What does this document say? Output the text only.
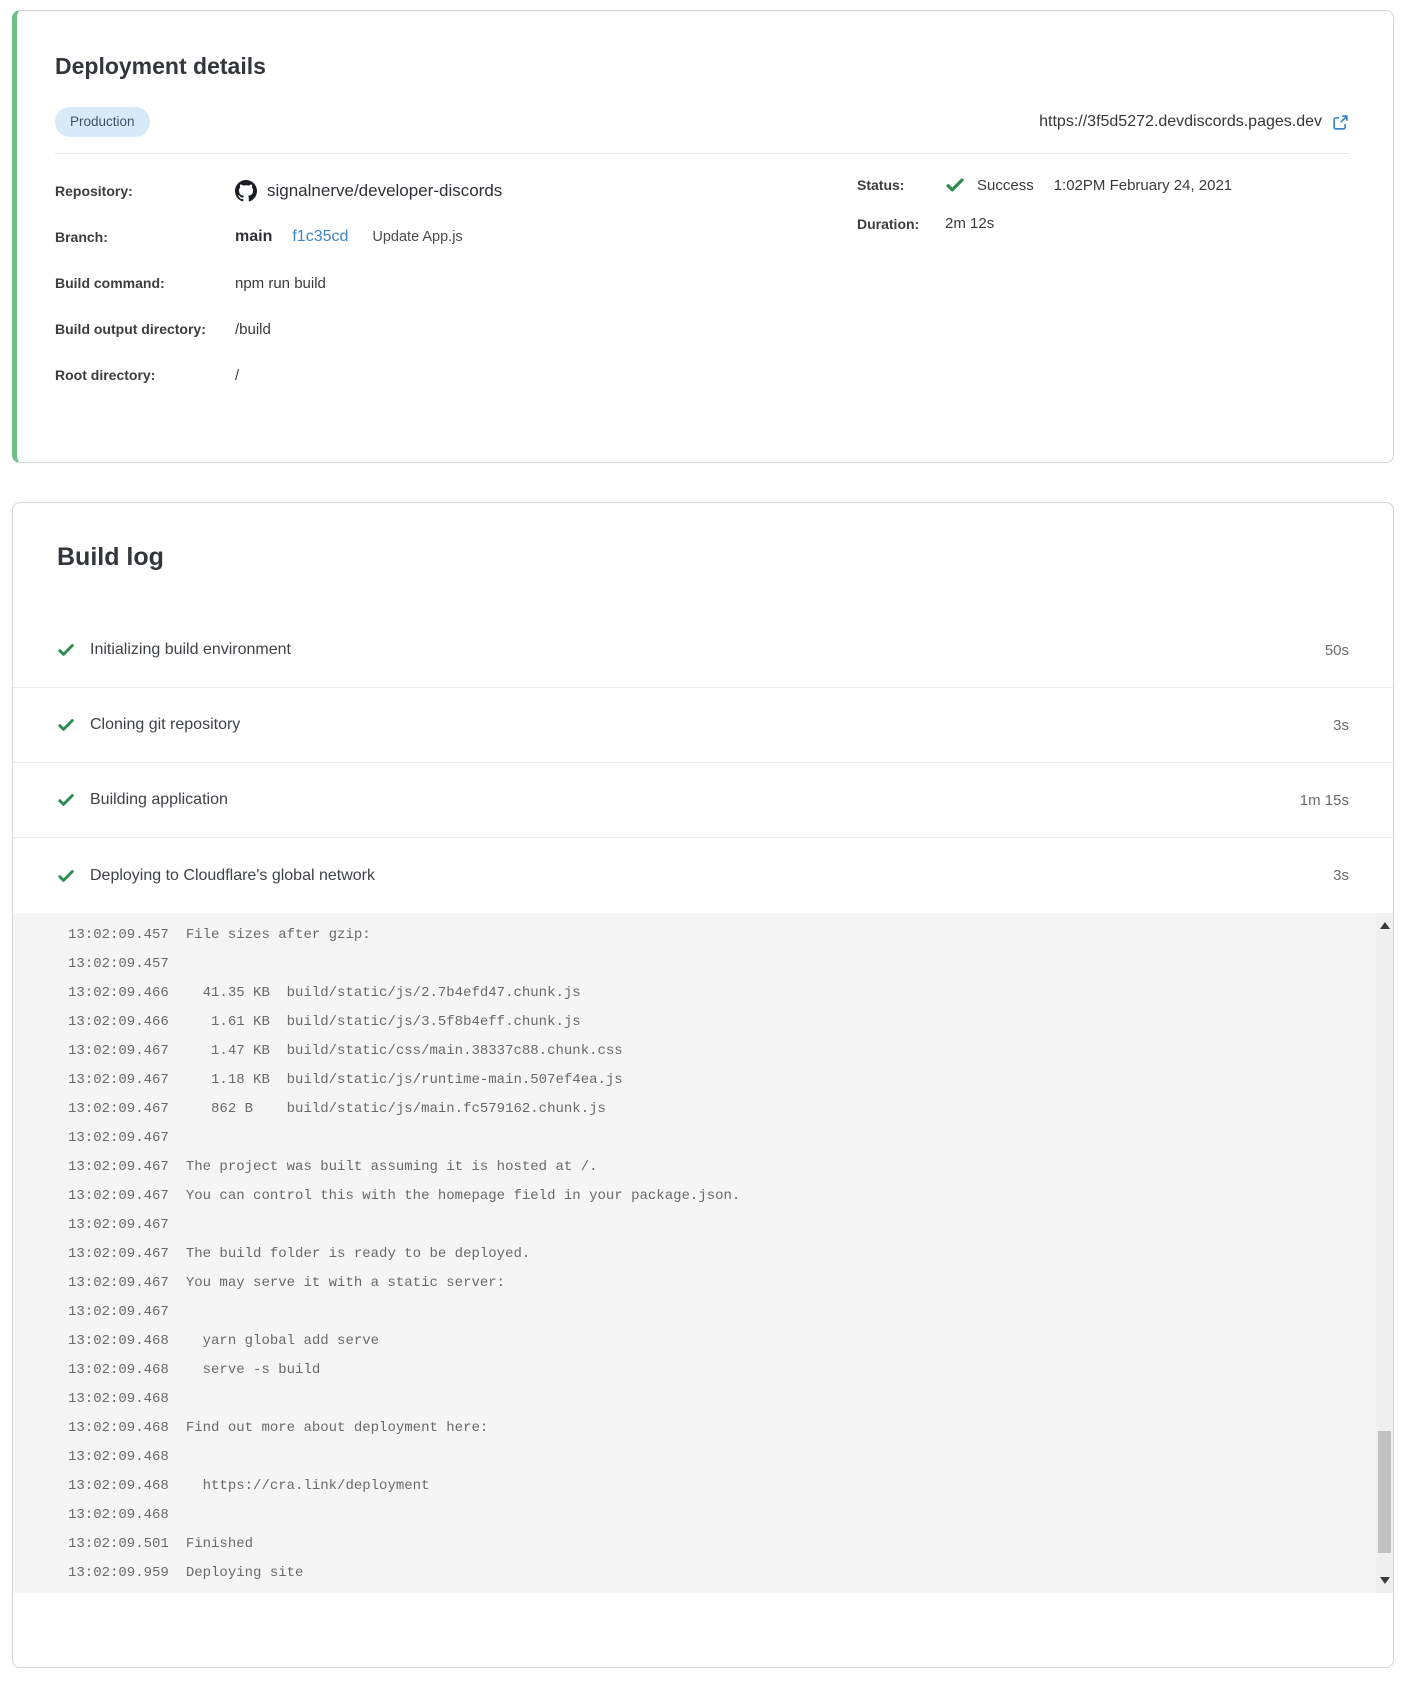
Deployment details
Production	https://3f5d5272.devdiscords.pages.dev
Repository:	signalnerve/developer-discords
Branch:	main f1c35cd Update App.js
Build command:	npm run build
Build output directory:	/build
Root directory:	/
Status:	Success 1:02PM February 24, 2021
Duration:	2m 12s
Build log
Initializing build environment	50s
Cloning git repository	3s
Building application	1m 15s
Deploying to Cloudflare's global network	3s
13:02:09.457 File sizes after gzip:
13:02:09.457
13:02:09.466  41.35 KB  build/static/js/2.7b4efd47.chunk.js
13:02:09.466   1.61 KB  build/static/js/3.5f8b4eff.chunk.js
13:02:09.467   1.47 KB  build/static/css/main.38337c88.chunk.css
13:02:09.467   1.18 KB  build/static/js/runtime-main.507ef4ea.js
13:02:09.467   862 B    build/static/js/main.fc579162.chunk.js
13:02:09.467
13:02:09.467 The project was built assuming it is hosted at /.
13:02:09.467 You can control this with the homepage field in your package.json.
13:02:09.467
13:02:09.467 The build folder is ready to be deployed.
13:02:09.467 You may serve it with a static server:
13:02:09.467
13:02:09.468  yarn global add serve
13:02:09.468  serve -s build
13:02:09.468
13:02:09.468 Find out more about deployment here:
13:02:09.468
13:02:09.468  https://cra.link/deployment
13:02:09.468
13:02:09.501 Finished
13:02:09.959 Deploying site
